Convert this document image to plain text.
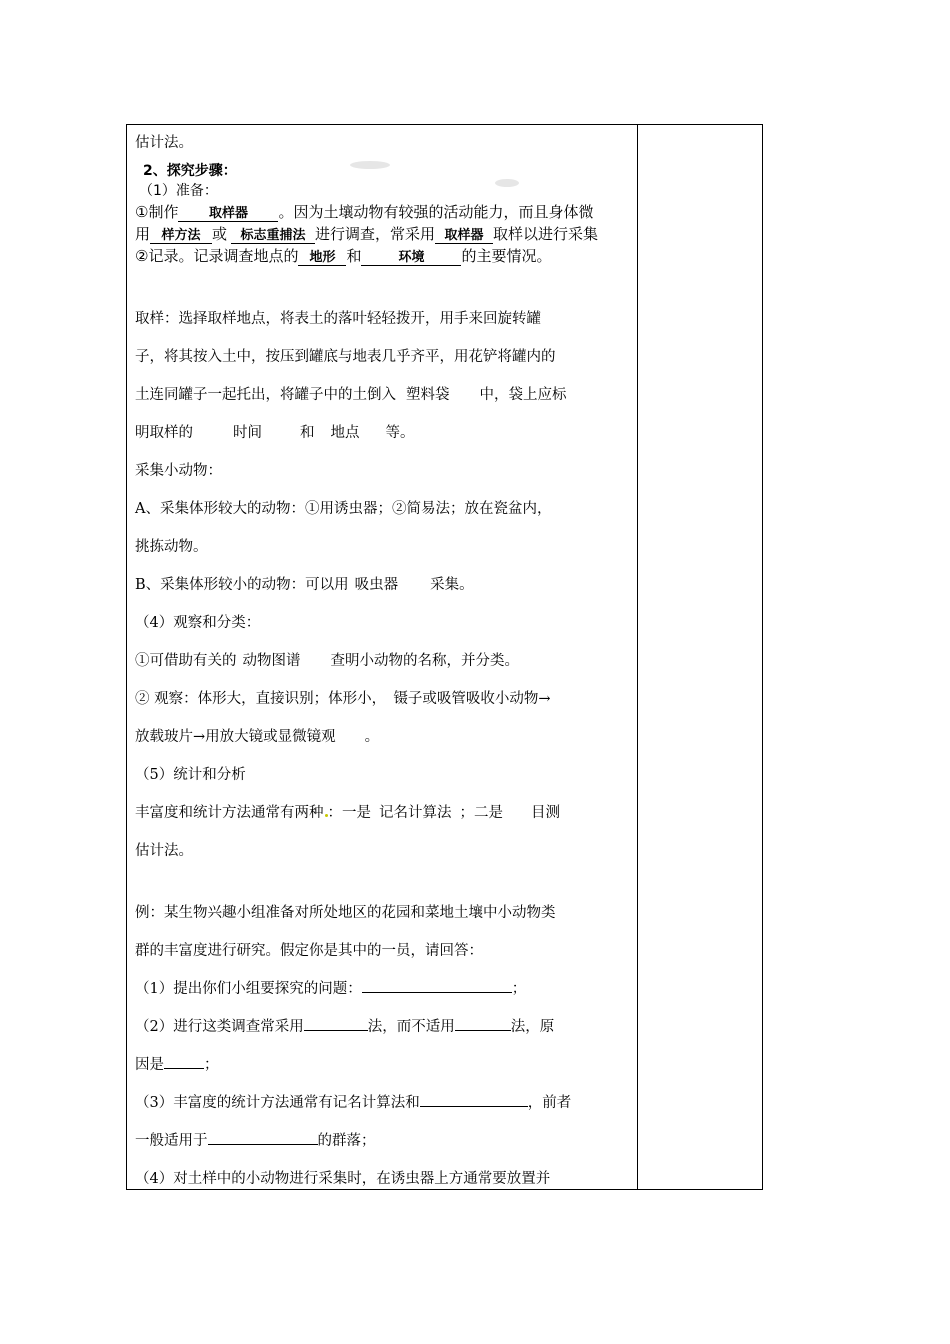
估计法。
2、探究步骤：
（1）准备：
①制作 取样器 。因为土壤动物有较强的活动能力，而且身体微
用 样方法 或 标志重捕法 进行调查，常采用 取样器 取样以进行采集
②记录。记录调查地点的 地形 和	环境 的主要情况。
取样：选择取样地点，将表土的落叶轻轻拨开，用手来回旋转罐
子，将其按入土中，按压到罐底与地表几乎齐平，用花铲将罐内的
土连同罐子一起托出，将罐子中的土倒入 塑料袋 中，袋上应标
明取样的	时间	和 地点 等。
采集小动物：
A、采集体形较大的动物：①用诱虫器；②简易法；放在瓷盆内，
挑拣动物。
B、采集体形较小的动物：可以用 吸虫器 采集。
（4）观察和分类：
①可借助有关的 动物图谱 查明小动物的名称，并分类。
② 观察：体形大，直接识别；体形小，　镊子或吸管吸收小动物→
放载玻片→用放大镜或显微镜观　　。
（5）统计和分析
丰富度和统计方法通常有两种 ：一是 记名计算法 ；二是 目测
估计法。
例：某生物兴趣小组准备对所处地区的花园和菜地土壤中小动物类
群的丰富度进行研究。假定你是其中的一员，请回答：
（1）提出你们小组要探究的问题：	；
（2）进行这类调查常采用	法，而不适用	法，原
因是	；
（3）丰富度的统计方法通常有记名计算法和	，前者
一般适用于	的群落；
（4）对土样中的小动物进行采集时，在诱虫器上方通常要放置并
